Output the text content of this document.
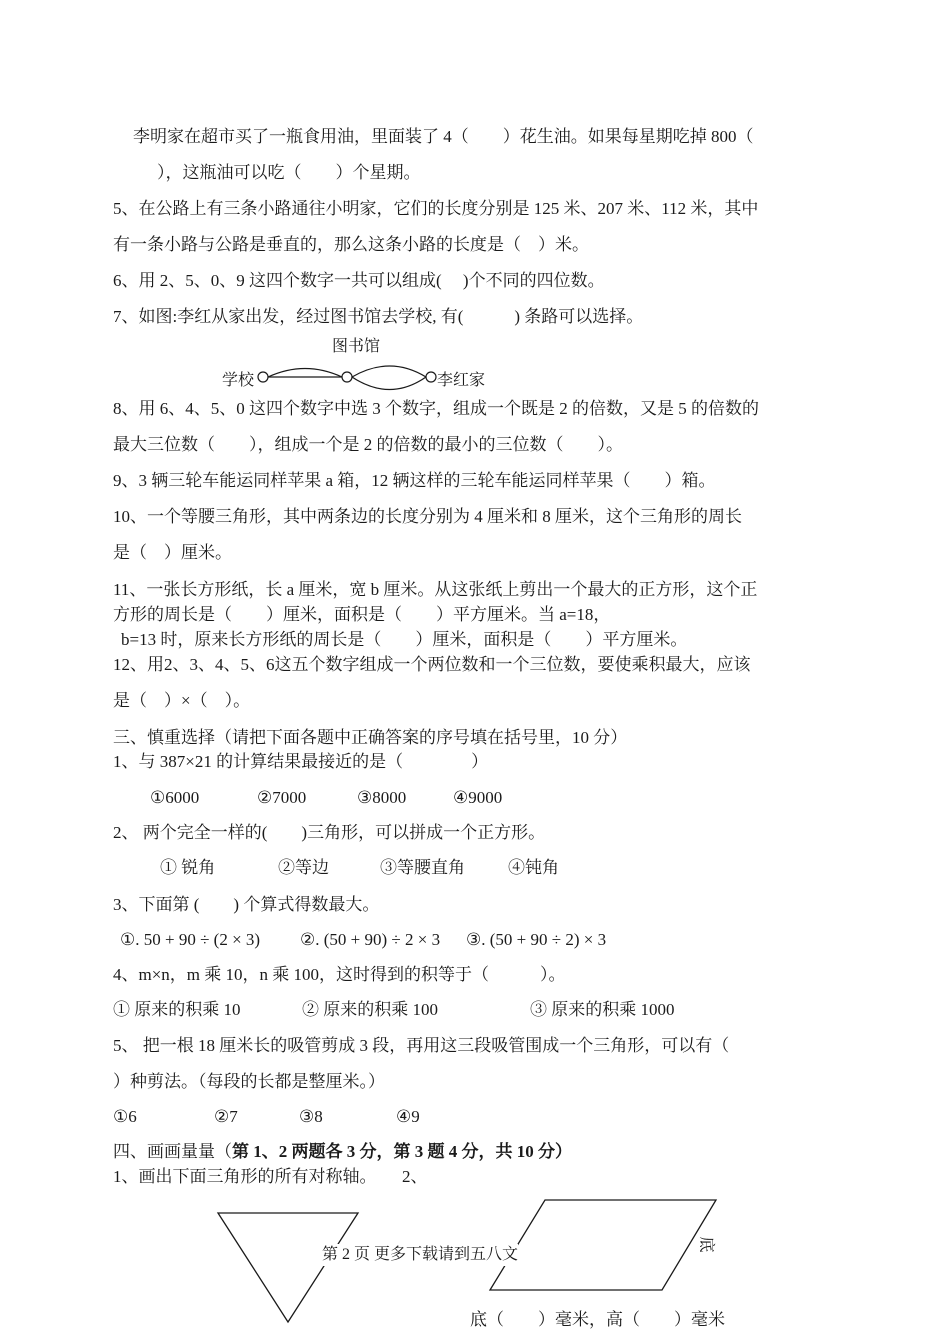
李明家在超市买了一瓶食用油，里面装了 4（　　）花生油。如果每星期吃掉 800（
　），这瓶油可以吃（　　）个星期。
5、在公路上有三条小路通往小明家，它们的长度分别是 125 米、207 米、112 米，其中
有一条小路与公路是垂直的，那么这条小路的长度是（　）米。
6、用 2、5、0、9 这四个数字一共可以组成(　 )个不同的四位数。
7、如图:李红从家出发，经过图书馆去学校, 有(　　　) 条路可以选择。
图书馆
学校	李红家
8、用 6、4、5、0 这四个数字中选 3 个数字，组成一个既是 2 的倍数，又是 5 的倍数的
最大三位数（　　），组成一个是 2 的倍数的最小的三位数（　　）。
9、3 辆三轮车能运同样苹果 a 箱，12 辆这样的三轮车能运同样苹果（　　）箱。
10、一个等腰三角形，其中两条边的长度分别为 4 厘米和 8 厘米，这个三角形的周长
是（　）厘米。
11、一张长方形纸，长 a 厘米，宽 b 厘米。从这张纸上剪出一个最大的正方形，这个正
方形的周长是（　　）厘米，面积是（　　）平方厘米。当 a=18，
b=13 时，原来长方形纸的周长是（　　）厘米，面积是（　　）平方厘米。
12、用2、3、4、5、6这五个数字组成一个两位数和一个三位数，要使乘积最大，应该
是（　）×（　）。
三、慎重选择（请把下面各题中正确答案的序号填在括号里，10 分）
1、与 387×21 的计算结果最接近的是（　　　　）
①6000	②7000	③8000	④9000
2、 两个完全一样的(　　)三角形，可以拼成一个正方形。
① 锐角	②等边	③等腰直角	④钝角
3、下面第 (　　) 个算式得数最大。
①. 50 + 90 ÷ (2 × 3) ②. (50 + 90) ÷ 2 × 3 ③. (50 + 90 ÷ 2) × 3
4、m×n，m 乘 10，n 乘 100，这时得到的积等于（　　　）。
① 原来的积乘 10	② 原来的积乘 100	③ 原来的积乘 1000
5、 把一根 18 厘米长的吸管剪成 3 段，再用这三段吸管围成一个三角形，可以有（
）种剪法。（每段的长都是整厘米。）
①6	②7	③8	④9
四、画画量量（第 1、2 两题各 3 分，第 3 题 4 分，共 10 分）
1、画出下面三角形的所有对称轴。　　2、
第 2 页 更多下载请到五八文
底
底（　　）毫米，高（　　）毫米
